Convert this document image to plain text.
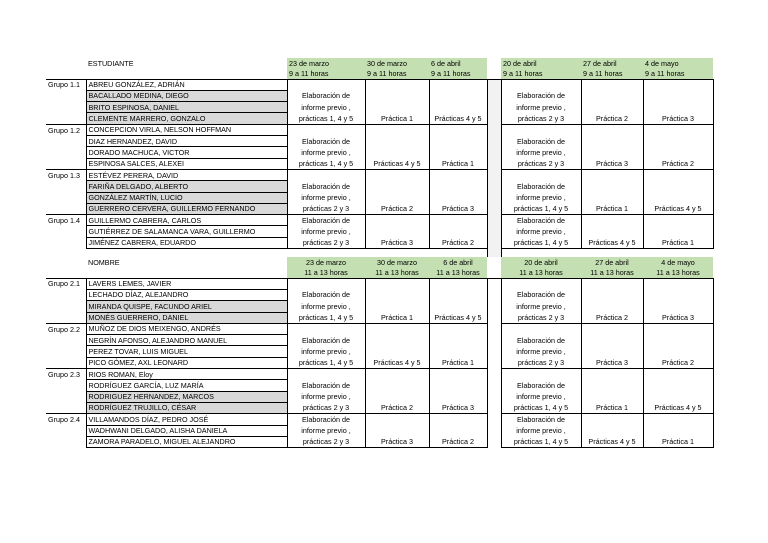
	ESTUDIANTE	23 de marzo	30 de marzo	6 de abril		20 de abril	27 de abril	4 de mayo
		9 a 11 horas	9 a 11 horas	9 a 11 horas		9 a 11 horas	9 a 11 horas	9 a 11 horas
Grupo 1.1	ABREU GONZÁLEZ, ADRIÁN							
	BACALLADO MEDINA, DIEGO	Elaboración de				Elaboración de		
	BRITO ESPINOSA, DANIEL	informe previo ,				informe previo ,		
	CLEMENTE MARRERO, GONZALO	prácticas 1, 4 y 5	Práctica 1	Prácticas 4 y 5		prácticas 2 y 3	Práctica 2	Práctica 3
Grupo 1.2	CONCEPCION VIRLA, NELSON HOFFMAN							
	DIAZ HERNANDEZ, DAVID	Elaboración de				Elaboración de		
	DORADO MACHUCA, VICTOR	informe previo ,				informe previo ,		
	ESPINOSA SALCES, ALEXEI	prácticas 1, 4 y 5	Prácticas 4 y 5	Práctica 1		prácticas 2 y 3	Práctica 3	Práctica 2
Grupo 1.3	ESTÉVEZ PERERA, DAVID							
	FARIÑA DELGADO, ALBERTO	Elaboración de				Elaboración de		
	GONZÁLEZ MARTÍN, LUCIO	informe previo ,				informe previo ,		
	GUERRERO CERVERA, GUILLERMO FERNANDO	prácticas 2 y 3	Práctica 2	Práctica 3		prácticas 1, 4 y 5	Práctica 1	Prácticas 4 y 5
Grupo 1.4	GUILLERMO CABRERA, CARLOS	Elaboración de				Elaboración de		
	GUTIÉRREZ DE SALAMANCA VARA, GUILLERMO	informe previo ,				informe previo ,		
	JIMÉNEZ CABRERA, EDUARDO	prácticas 2 y 3	Práctica 3	Práctica 2		prácticas 1, 4 y 5	Prácticas 4 y 5	Práctica 1

	NOMBRE	23 de marzo	30 de marzo	6 de abril		20 de abril	27 de abril	4 de mayo
		11 a 13 horas	11 a 13 horas	11 a 13 horas		11 a 13 horas	11 a 13 horas	11 a 13 horas
Grupo 2.1	LAVERS LEMES, JAVIER							
	LECHADO DÍAZ, ALEJANDRO	Elaboración de				Elaboración de		
	MIRANDA QUISPE, FACUNDO ARIEL	informe previo ,				informe previo ,		
	MONÉS GUERRERO, DANIEL	prácticas 1, 4 y 5	Práctica 1	Prácticas 4 y 5		prácticas 2 y 3	Práctica 2	Práctica 3
Grupo 2.2	MUÑOZ DE DIOS MEIXENGO, ANDRÉS							
	NEGRÍN AFONSO, ALEJANDRO MANUEL	Elaboración de				Elaboración de		
	PEREZ TOVAR, LUIS MIGUEL	informe previo ,				informe previo ,		
	PICO GÓMEZ, AXL LEONARD	prácticas 1, 4 y 5	Prácticas 4 y 5	Práctica 1		prácticas 2 y 3	Práctica 3	Práctica 2
Grupo 2.3	RIOS ROMAN, Eloy							
	RODRÍGUEZ GARCÍA, LUZ MARÍA	Elaboración de				Elaboración de		
	RODRIGUEZ HERNANDEZ, MARCOS	informe previo ,				informe previo ,		
	RODRÍGUEZ TRUJILLO, CÉSAR	prácticas 2 y 3	Práctica 2	Práctica 3		prácticas 1, 4 y 5	Práctica 1	Prácticas 4 y 5
Grupo 2.4	VILLAMANDOS DÍAZ, PEDRO JOSÉ	Elaboración de				Elaboración de		
	WADHWANI DELGADO, ALISHA DANIELA	informe previo ,				informe previo ,		
	ZAMORA PARADELO, MIGUEL ALEJANDRO	prácticas 2 y 3	Práctica 3	Práctica 2		prácticas 1, 4 y 5	Prácticas 4 y 5	Práctica 1
